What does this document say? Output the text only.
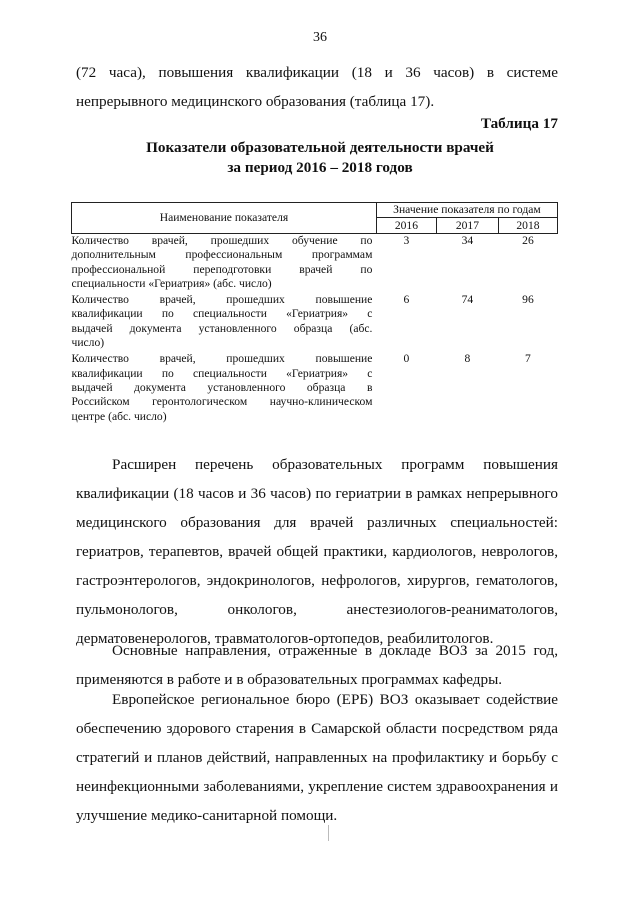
36
(72 часа), повышения квалификации (18 и 36 часов) в системе
непрерывного медицинского образования (таблица 17).
Таблица 17
Показатели образовательной деятельности врачей
за период 2016 – 2018 годов
Наименование показателя	Значение показателя по годам		
	2016	2017	2018

Количество врачей, прошедших обучение по
дополнительным профессиональным программам
профессиональной переподготовки врачей по
специальности «Гериатрия» (абс. число)	3	34	26

Количество врачей, прошедших повышение
квалификации по специальности «Гериатрия» с
выдачей документа установленного образца (абс.
число)	6	74	96

Количество врачей, прошедших повышение
квалификации по специальности «Гериатрия» с
выдачей документа установленного образца в
Российском геронтологическом научно-клиническом
центре (абс. число)	0	8	7
Расширен перечень образовательных программ повышения
квалификации (18 часов и 36 часов) по гериатрии в рамках непрерывного
медицинского образования для врачей различных специальностей:
гериатров, терапевтов, врачей общей практики, кардиологов, неврологов,
гастроэнтерологов, эндокринологов, нефрологов, хирургов, гематологов,
пульмонологов, онкологов, анестезиологов-реаниматологов,
дерматовенерологов, травматологов-ортопедов, реабилитологов.
Основные направления, отраженные в докладе ВОЗ за 2015 год,
применяются в работе и в образовательных программах кафедры.
Европейское региональное бюро (ЕРБ) ВОЗ оказывает содействие
обеспечению здорового старения в Самарской области посредством ряда
стратегий и планов действий, направленных на профилактику и борьбу с
неинфекционными заболеваниями, укрепление систем здравоохранения и
улучшение медико-санитарной помощи.
